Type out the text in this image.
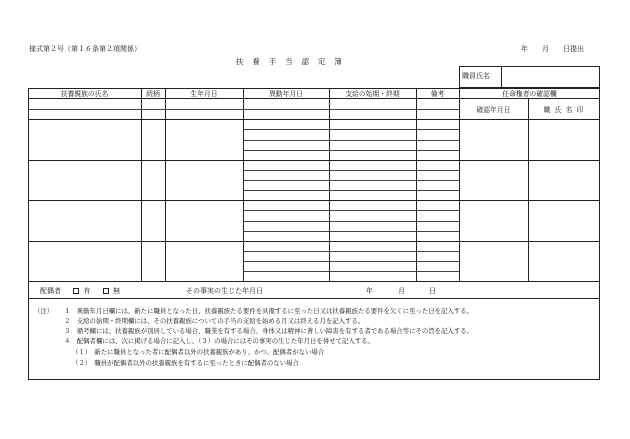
様式第２号（第１６条第２項関係）
扶養手当認定簿
年　　月　　日提出
職員氏名
扶養親族の氏名	続柄	生年月日	異動年月日	支給の始期・終期	備考	任命権者の確認欄
確認年月日	職 氏 名 印
配偶者	有	無	その事実の生じた年月日	年	月	日
（注） １　異動年月日欄には、新たに職員となった日、扶養親族たる要件を具備するに至った日又は扶養親族たる要件を欠くに至った日を記入する。
２　支給の始期・終期欄には、その扶養親族についての手当の支給を始める月又は終える月を記入する。
３　備考欄には、扶養親族が別居している場合、職業を有する場合、身体又は精神に著しい障害を有する者である場合等にその旨を記入する。
４　配偶者欄には、次に掲げる場合に記入し、（３）の場合にはその事実の生じた年月日を併せて記入する。
（１）　新たに職員となった者に配偶者以外の扶養親族があり、かつ、配偶者がない場合
（２）　職員が配偶者以外の扶養親族を有するに至ったときに配偶者のない場合
